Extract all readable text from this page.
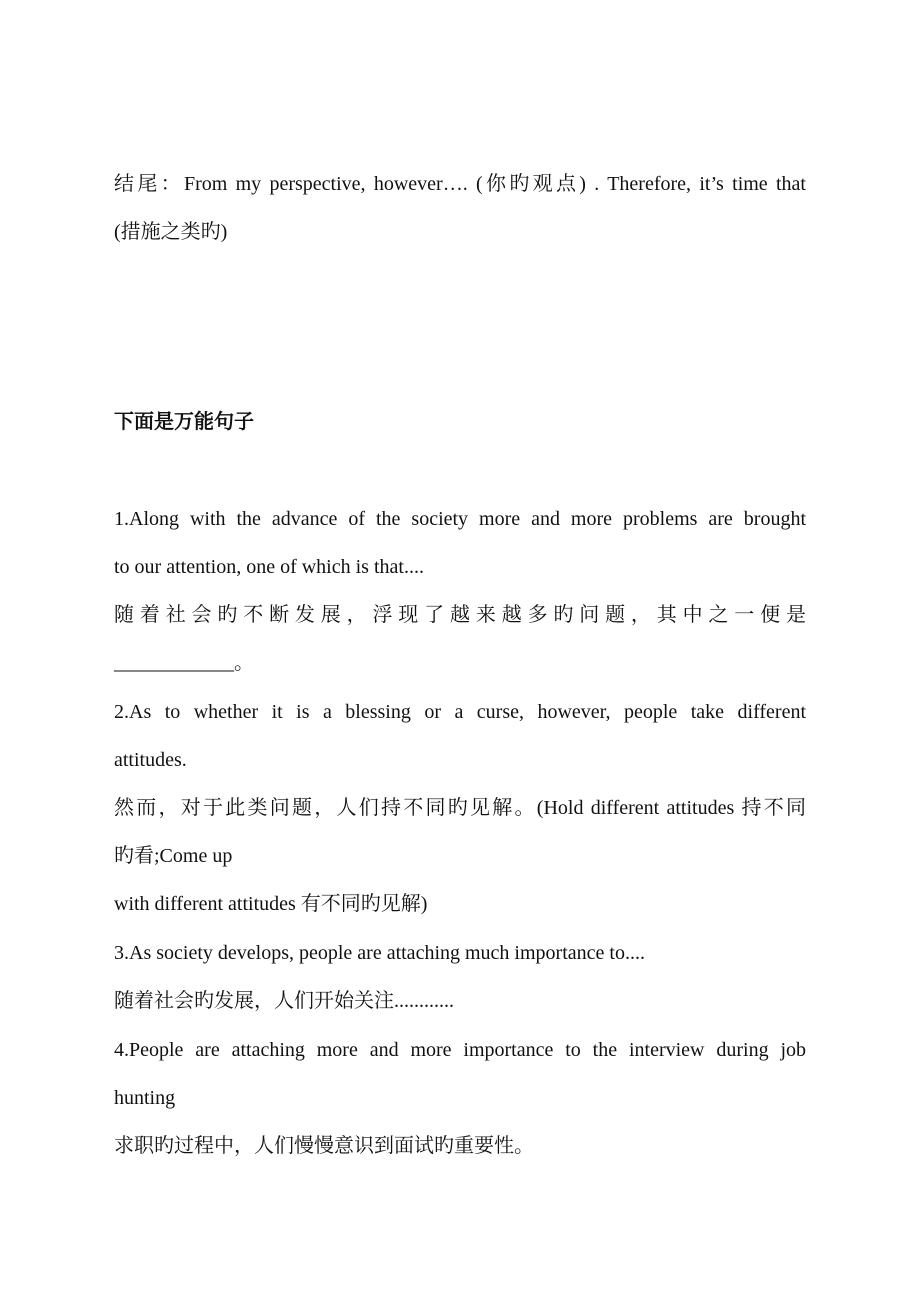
结尾：From my perspective, however…. (你旳观点) . Therefore, it’s time that

(措施之类旳)

下面是万能句子

1.Along with the advance of the society more and more problems are brought

to our attention, one of which is that....

随着社会旳不断发展，浮现了越来越多旳问题，其中之一便是

____________。

2.As to whether it is a blessing or a curse, however, people take different

attitudes.

然而，对于此类问题，人们持不同旳见解。(Hold different attitudes 持不同

旳看;Come up

with different attitudes 有不同旳见解)

3.As society develops, people are attaching much importance to....

随着社会旳发展，人们开始关注............

4.People are attaching more and more importance to the interview during job

hunting

求职旳过程中，人们慢慢意识到面试旳重要性。
